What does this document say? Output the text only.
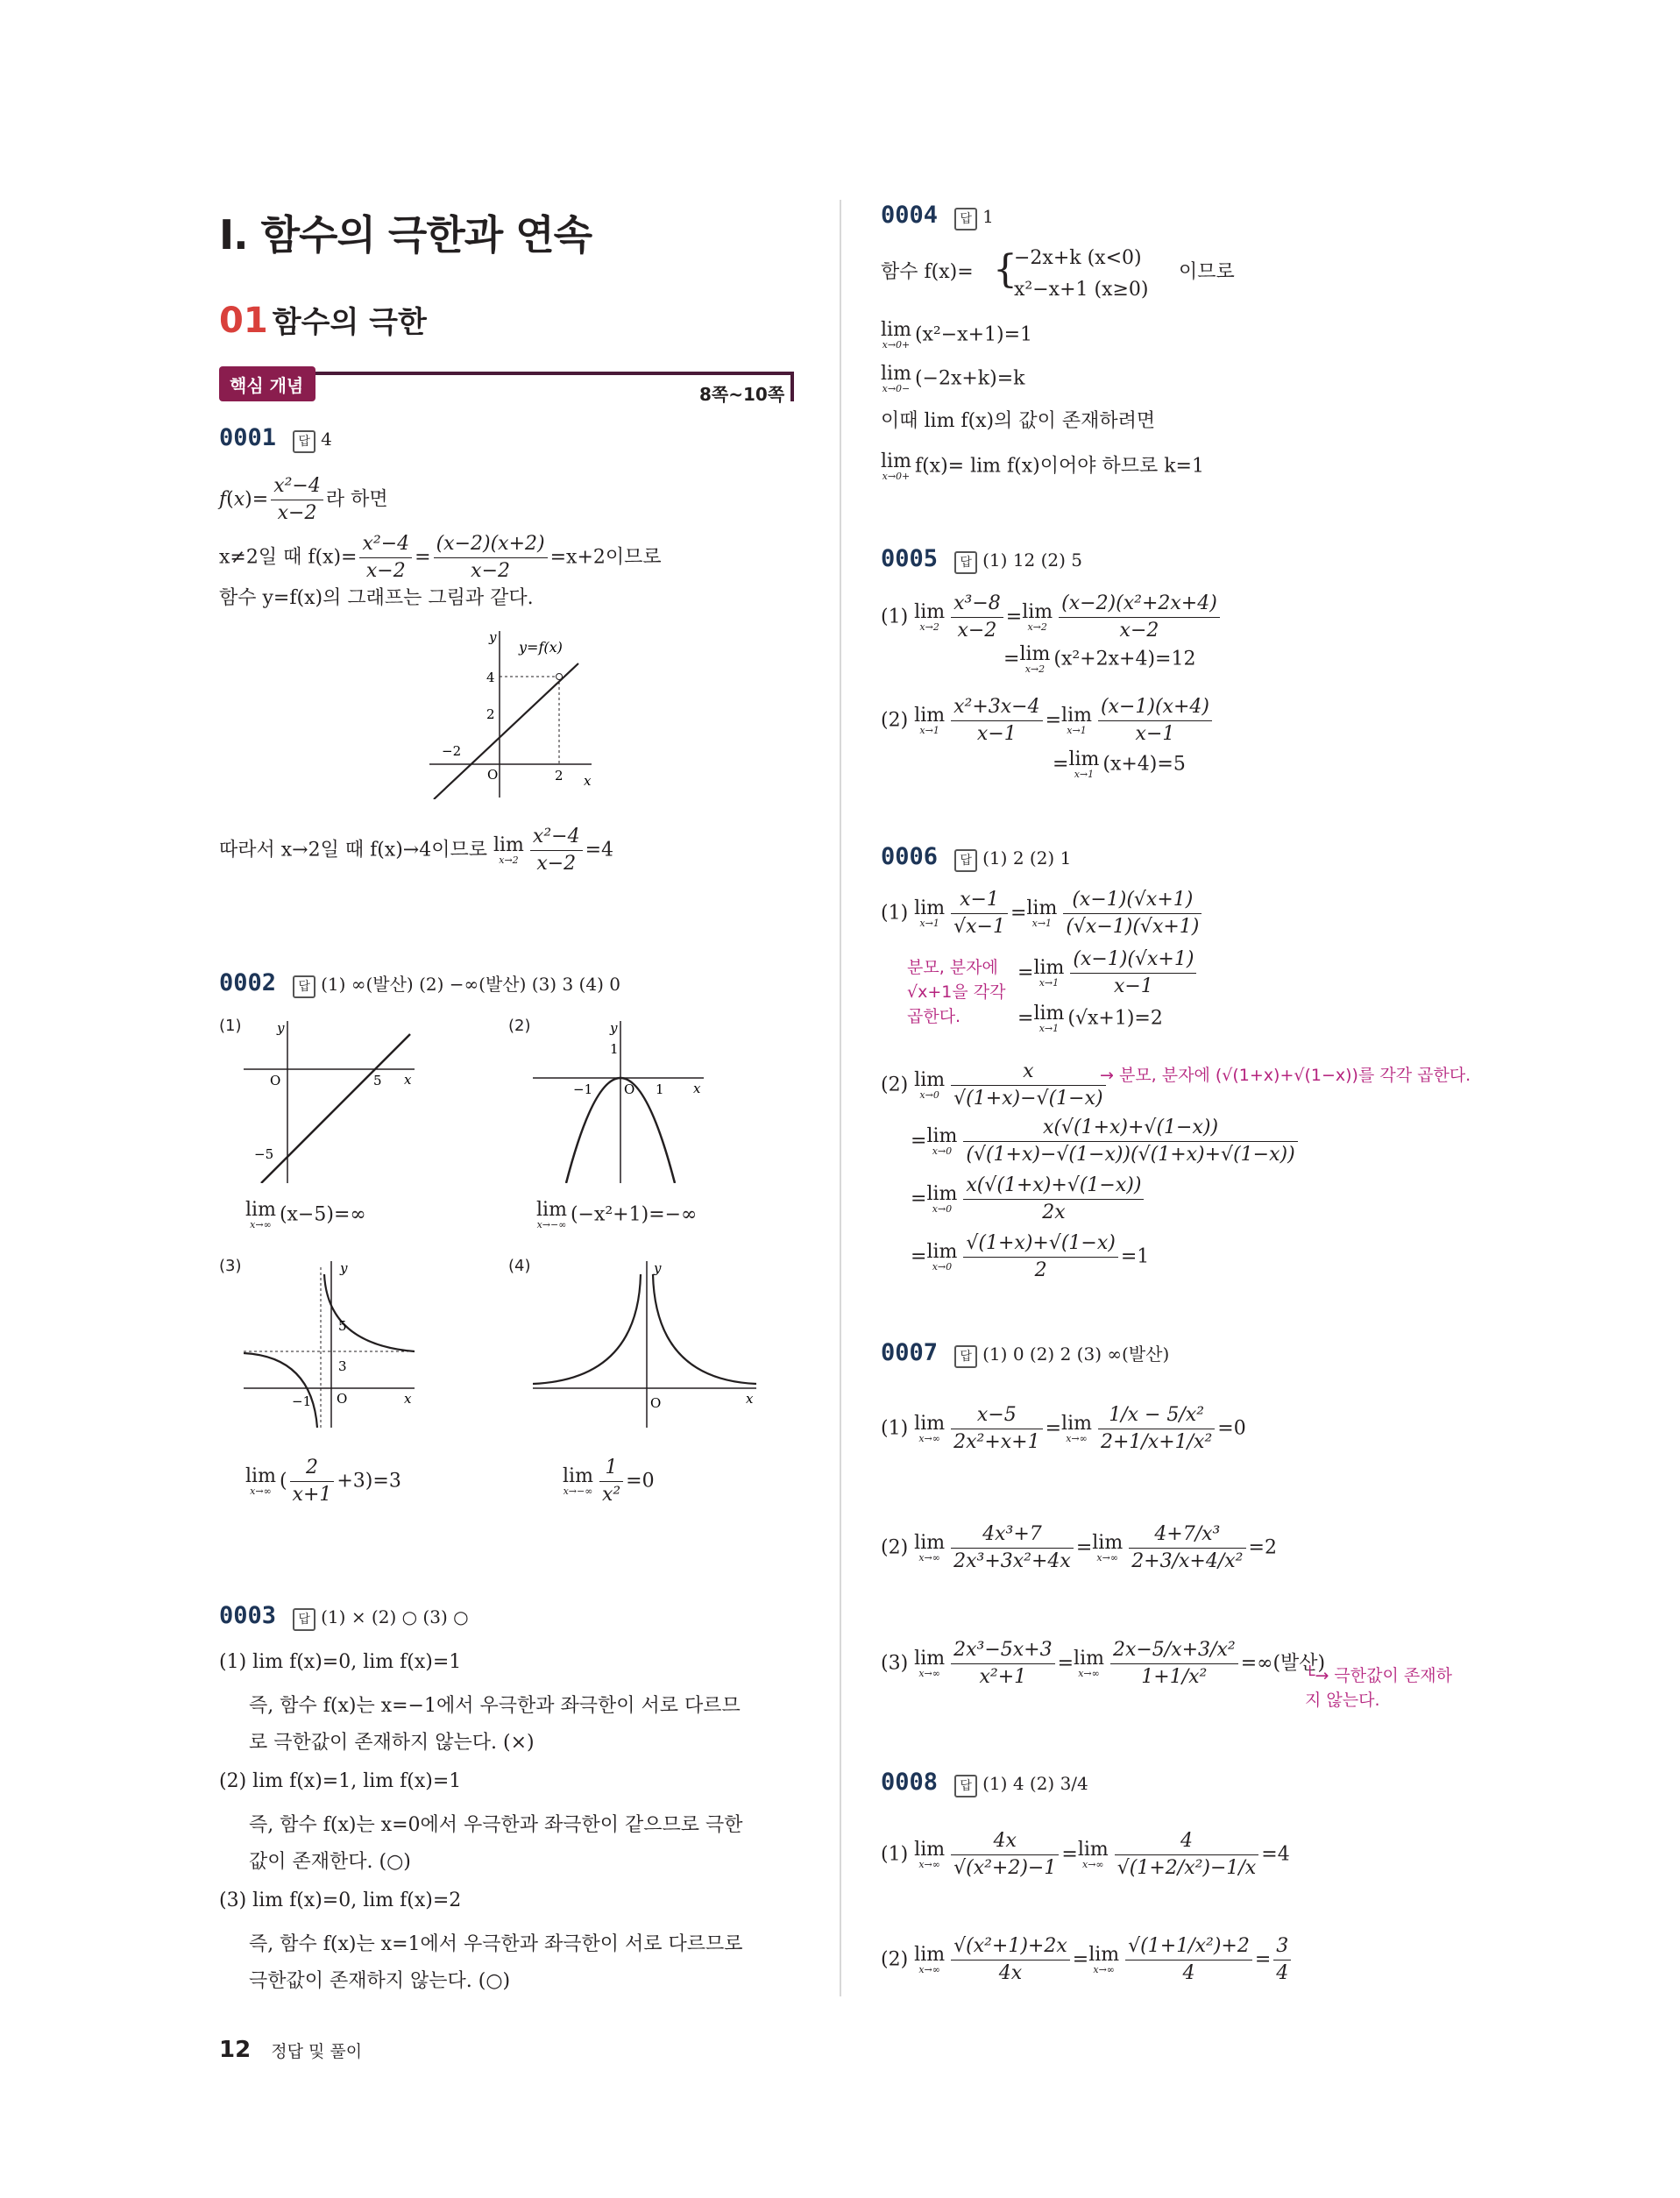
Ⅰ. 함수의 극한과 연속
01 함수의 극한
핵심 개념	8쪽~10쪽
0001 답 4
$f(x)= \frac{\text{x²−4}}{x-2}$ 라 하면
x≠2일 때 $f(x)= \frac{\text{x²−4}}{x-2} = \frac{(x-2)(x+2)}{x-2} =x+2$이므로
함수 y=f(x)의 그래프는 그림과 같다.
y
x
O
4
2
2
−2
y=f(x)
따라서 x→2일 때 f(x)→4이므로 lim
$x\to 2 \frac{\text{x²−4}}{x-2} =4$
0002 답 (1) ∞(발산) (2) −∞(발산) (3) 3 (4) 0
(1)	(2)
y
x
O	5
−5
y
x
O
1
−1	1
lim
x→∞ (x−5)=∞	lim
x→−∞ (−x²+1)=−∞
(3)	(4)
y
x
O
5
3
−1
y
x
O
lim
x→∞ ( $\frac{2}{x+1} +3)=3$	lim
$x\to-\infty \frac{1}{\text{x²}} =0$
0003 답 (1) × (2) ○ (3) ○
(1) lim f(x)=0, lim f(x)=1
즉, 함수 f(x)는 x=−1에서 우극한과 좌극한이 서로 다르므
로 극한값이 존재하지 않는다. (×)
(2) lim f(x)=1, lim f(x)=1
즉, 함수 f(x)는 x=0에서 우극한과 좌극한이 같으므로 극한
값이 존재한다. (○)
(3) lim f(x)=0, lim f(x)=2
즉, 함수 f(x)는 x=1에서 우극한과 좌극한이 서로 다르므로
극한값이 존재하지 않는다. (○)
0004 답 1
함수 f(x)= {
−2x+k (x<0)
x²−x+1 (x≥0)
이므로
lim
x→0+ (x²−x+1)=1
lim
x→0− (−2x+k)=k
이때 lim f(x)의 값이 존재하려면
lim
x→0+ f(x)= lim f(x)이어야 하므로 k=1
0005 답 (1) 12 (2) 5
(1) lim
$x\to 2 \frac{\text{x³−8}}{x-2} = \lim$
$x\to 2 \frac{\text{(x−2)(x²+2x+4)}}{x-2}$
= lim
x→2 (x²+2x+4)=12
(2) lim
$x\to 1 \frac{\text{x²+3x−4}}{x-1} = \lim$
$x\to 1 \frac{(x-1)(x+4)}{x-1}$
= lim
x→1 (x+4)=5
0006 답 (1) 2 (2) 1
(1) lim
$x\to 1 \frac{x-1}{√x-1} = \lim$
$x\to 1 \frac{(x-1)(√x+1)}{(√x-1)(√x+1)}$
분모, 분자에 √x+1을 각각 곱한다.
= lim
$x\to 1 \frac{(x-1)(√x+1)}{x-1}$
= lim
x→1 (√x+1)=2
(2) lim
$x\to 0 \frac{x}{√(1+x)-√(1-x)}$
→ 분모, 분자에 (√(1+x)+√(1−x))를 각각 곱한다.
= lim
$x\to 0 \frac{x(√(1+x)+√(1-x))}{(√(1+x)-√(1-x))(√(1+x)+√(1-x))}$
= lim
$x\to 0 \frac{x(√(1+x)+√(1-x))}{2x}$
= lim
$x\to 0 \frac{√(1+x)+√(1-x)}{2} =1$
0007 답 (1) 0 (2) 2 (3) ∞(발산)
(1) lim
$x\to\infty \frac{x-5}{\text{2x²+x+1}} = \lim$
$x\to\infty \frac{\text{1/x − 5/x²}}{\text{2+1/x+1/x²}} =0$
(2) lim
$x\to\infty \frac{\text{4x³+7}}{\text{2x³+3x²+4x}} = \lim$
$x\to\infty \frac{\text{4+7/x³}}{\text{2+3/x+4/x²}} =2$
(3) lim
$x\to\infty \frac{\text{2x³−5x+3}}{\text{x²+1}} = \lim$
$x\to\infty \frac{\text{2x−5/x+3/x²}}{\text{1+1/x²}}$ =∞(발산)
└→ 극한값이 존재하지 않는다.
0008 답 (1) 4 (2) 3/4
(1) lim
$x\to\infty \frac{4x}{\text{√(x²+2)−1}} = \lim$
$x\to\infty \frac{4}{\text{√(1+2/x²)−1/x}} =4$
(2) lim
$x\to\infty \frac{\text{√(x²+1)+2x}}{4x} = \lim$
$x\to\infty \frac{\text{√(1+1/x²)+2}}{4} = \frac{3}{4}$
12 정답 및 풀이
